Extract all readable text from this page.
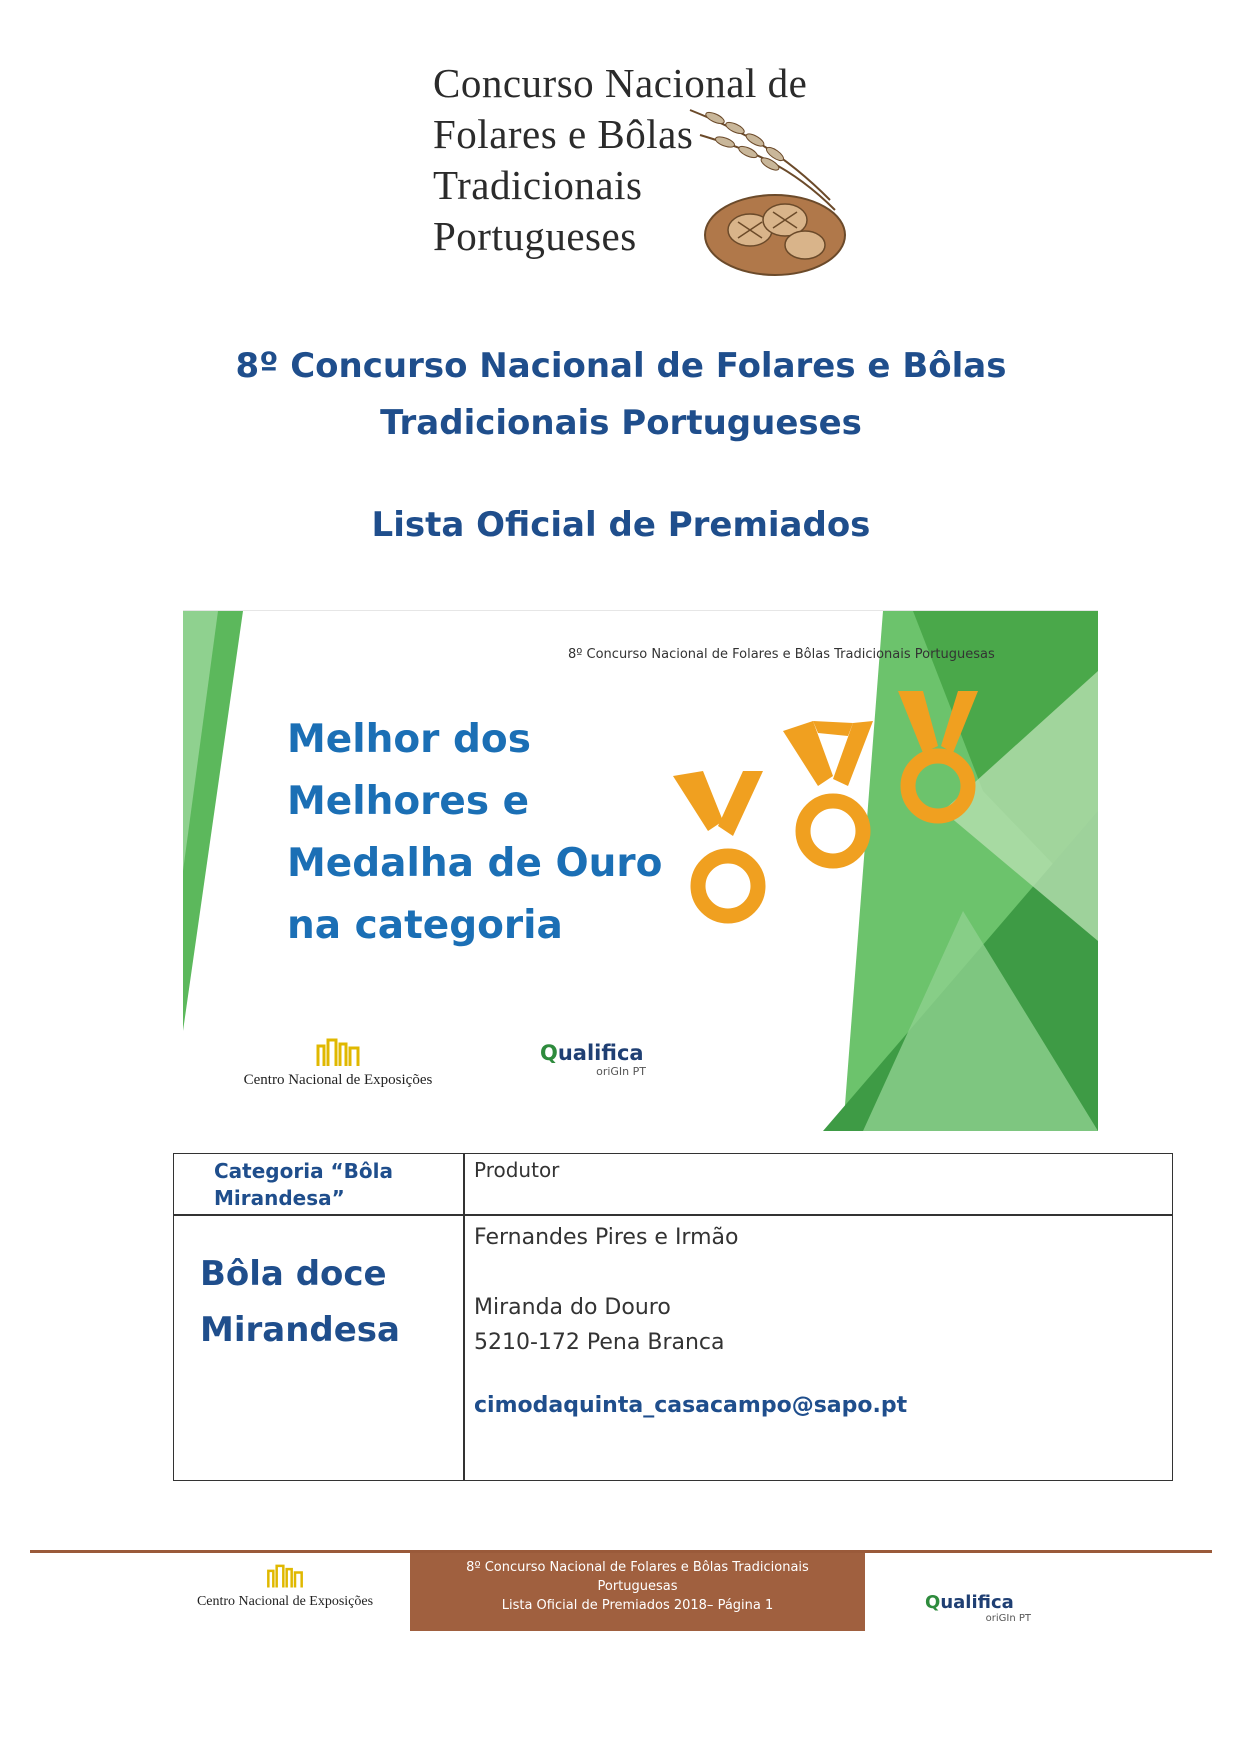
Concurso Nacional de
Folares e Bôlas
Tradicionais
Portugueses
8º Concurso Nacional de Folares e Bôlas
Tradicionais Portugueses
Lista Oficial de Premiados
8º Concurso Nacional de Folares e Bôlas Tradicionais Portuguesas
Melhor dos
Melhores e
Medalha de Ouro
na categoria
Centro Nacional de Exposições
Qualifica
oriGIn PT
Categoria “Bôla
Mirandesa”
Produtor
Bôla doce
Mirandesa
Fernandes Pires e Irmão

Miranda do Douro
5210-172 Pena Branca
cimodaquinta_casacampo@sapo.pt
Centro Nacional de Exposições
8º Concurso Nacional de Folares e Bôlas Tradicionais
Portuguesas
Lista Oficial de Premiados 2018– Página 1	Qualifica
oriGIn PT
